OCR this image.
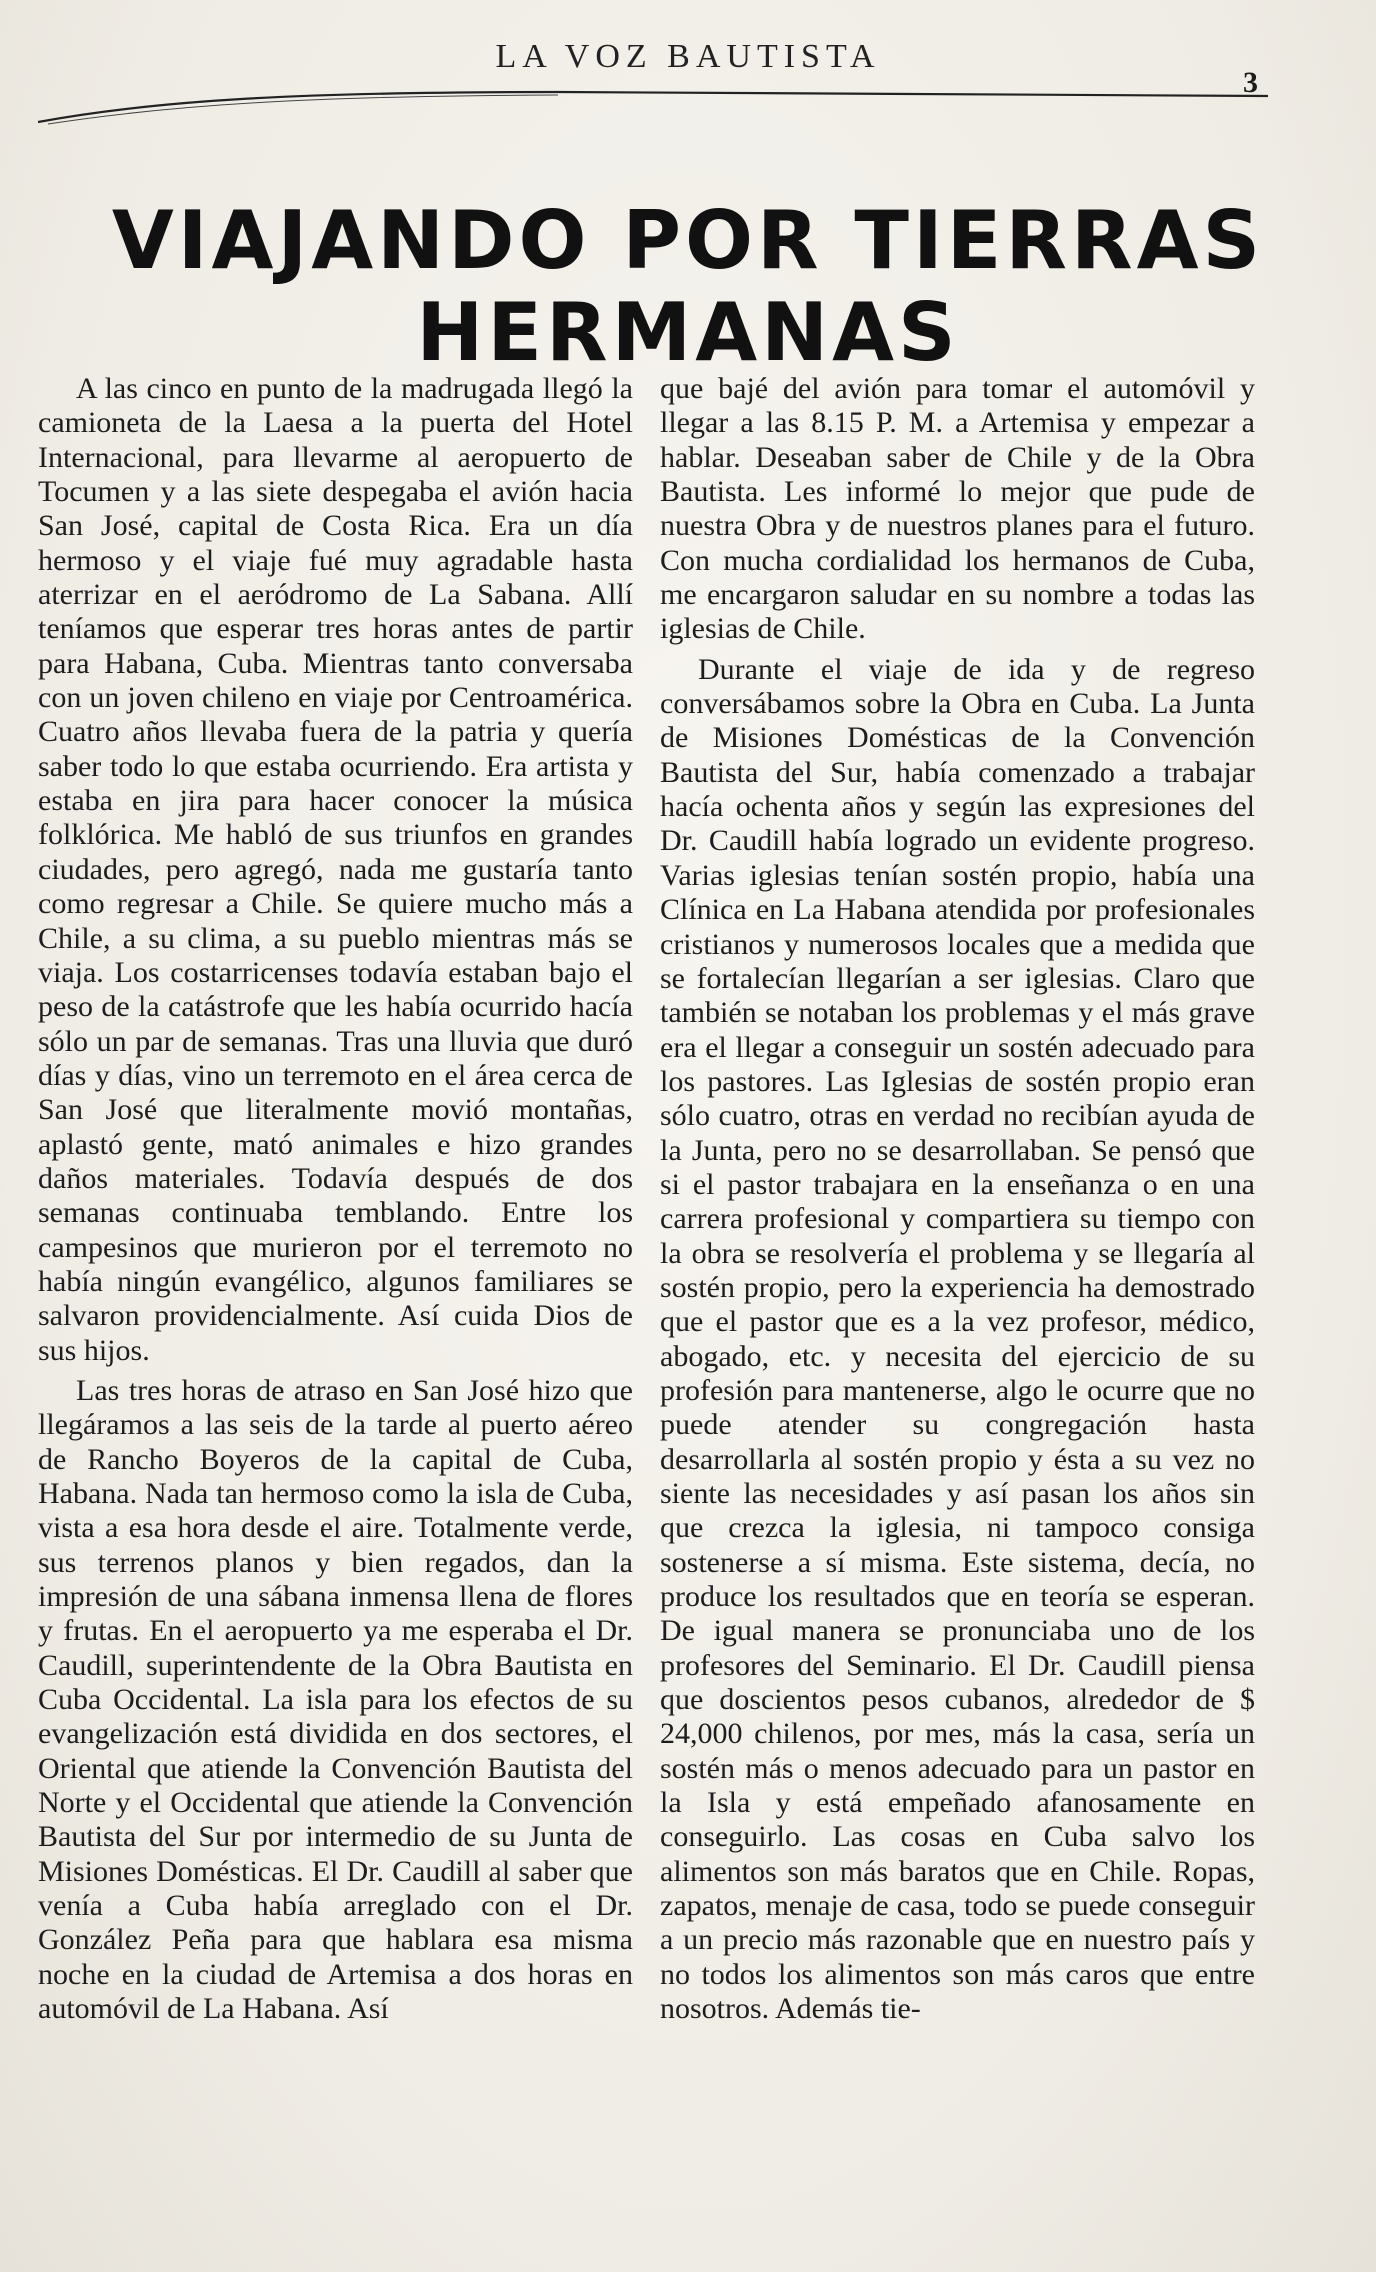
LA VOZ BAUTISTA
3
VIAJANDO POR TIERRAS
HERMANAS

A las cinco en punto de la madrugada llegó la camioneta de la Laesa a la puerta del Hotel Internacional, para llevarme al aeropuerto de Tocumen y a las siete despegaba el avión hacia San José, capital de Costa Rica. Era un día hermoso y el viaje fué muy agradable hasta aterrizar en el aeródromo de La Sabana. Allí teníamos que esperar tres horas antes de partir para Habana, Cuba. Mientras tanto conversaba con un joven chileno en viaje por Centroamérica. Cuatro años llevaba fuera de la patria y quería saber todo lo que estaba ocurriendo. Era artista y estaba en jira para hacer conocer la música folklórica. Me habló de sus triunfos en grandes ciudades, pero agregó, nada me gustaría tanto como regresar a Chile. Se quiere mucho más a Chile, a su clima, a su pueblo mientras más se viaja. Los costarricenses todavía estaban bajo el peso de la catástrofe que les había ocurrido hacía sólo un par de semanas. Tras una lluvia que duró días y días, vino un terremoto en el área cerca de San José que literalmente movió montañas, aplastó gente, mató animales e hizo grandes daños materiales. Todavía después de dos semanas continuaba temblando. Entre los campesinos que murieron por el terremoto no había ningún evangélico, algunos familiares se salvaron providencialmente. Así cuida Dios de sus hijos.

Las tres horas de atraso en San José hizo que llegáramos a las seis de la tarde al puerto aéreo de Rancho Boyeros de la capital de Cuba, Habana. Nada tan hermoso como la isla de Cuba, vista a esa hora desde el aire. Totalmente verde, sus terrenos planos y bien regados, dan la impresión de una sábana inmensa llena de flores y frutas. En el aeropuerto ya me esperaba el Dr. Caudill, superintendente de la Obra Bautista en Cuba Occidental. La isla para los efectos de su evangelización está dividida en dos sectores, el Oriental que atiende la Convención Bautista del Norte y el Occidental que atiende la Convención Bautista del Sur por intermedio de su Junta de Misiones Domésticas. El Dr. Caudill al saber que venía a Cuba había arreglado con el Dr. González Peña para que hablara esa misma noche en la ciudad de Artemisa a dos horas en automóvil de La Habana. Así

que bajé del avión para tomar el automóvil y llegar a las 8.15 P. M. a Artemisa y empezar a hablar. Deseaban saber de Chile y de la Obra Bautista. Les informé lo mejor que pude de nuestra Obra y de nuestros planes para el futuro. Con mucha cordialidad los hermanos de Cuba, me encargaron saludar en su nombre a todas las iglesias de Chile.

Durante el viaje de ida y de regreso conversábamos sobre la Obra en Cuba. La Junta de Misiones Domésticas de la Convención Bautista del Sur, había comenzado a trabajar hacía ochenta años y según las expresiones del Dr. Caudill había logrado un evidente progreso. Varias iglesias tenían sostén propio, había una Clínica en La Habana atendida por profesionales cristianos y numerosos locales que a medida que se fortalecían llegarían a ser iglesias. Claro que también se notaban los problemas y el más grave era el llegar a conseguir un sostén adecuado para los pastores. Las Iglesias de sostén propio eran sólo cuatro, otras en verdad no recibían ayuda de la Junta, pero no se desarrollaban. Se pensó que si el pastor trabajara en la enseñanza o en una carrera profesional y compartiera su tiempo con la obra se resolvería el problema y se llegaría al sostén propio, pero la experiencia ha demostrado que el pastor que es a la vez profesor, médico, abogado, etc. y necesita del ejercicio de su profesión para mantenerse, algo le ocurre que no puede atender su congregación hasta desarrollarla al sostén propio y ésta a su vez no siente las necesidades y así pasan los años sin que crezca la iglesia, ni tampoco consiga sostenerse a sí misma. Este sistema, decía, no produce los resultados que en teoría se esperan. De igual manera se pronunciaba uno de los profesores del Seminario. El Dr. Caudill piensa que doscientos pesos cubanos, alrededor de $ 24,000 chilenos, por mes, más la casa, sería un sostén más o menos adecuado para un pastor en la Isla y está empeñado afanosamente en conseguirlo. Las cosas en Cuba salvo los alimentos son más baratos que en Chile. Ropas, zapatos, menaje de casa, todo se puede conseguir a un precio más razonable que en nuestro país y no todos los alimentos son más caros que entre nosotros. Además tie-
